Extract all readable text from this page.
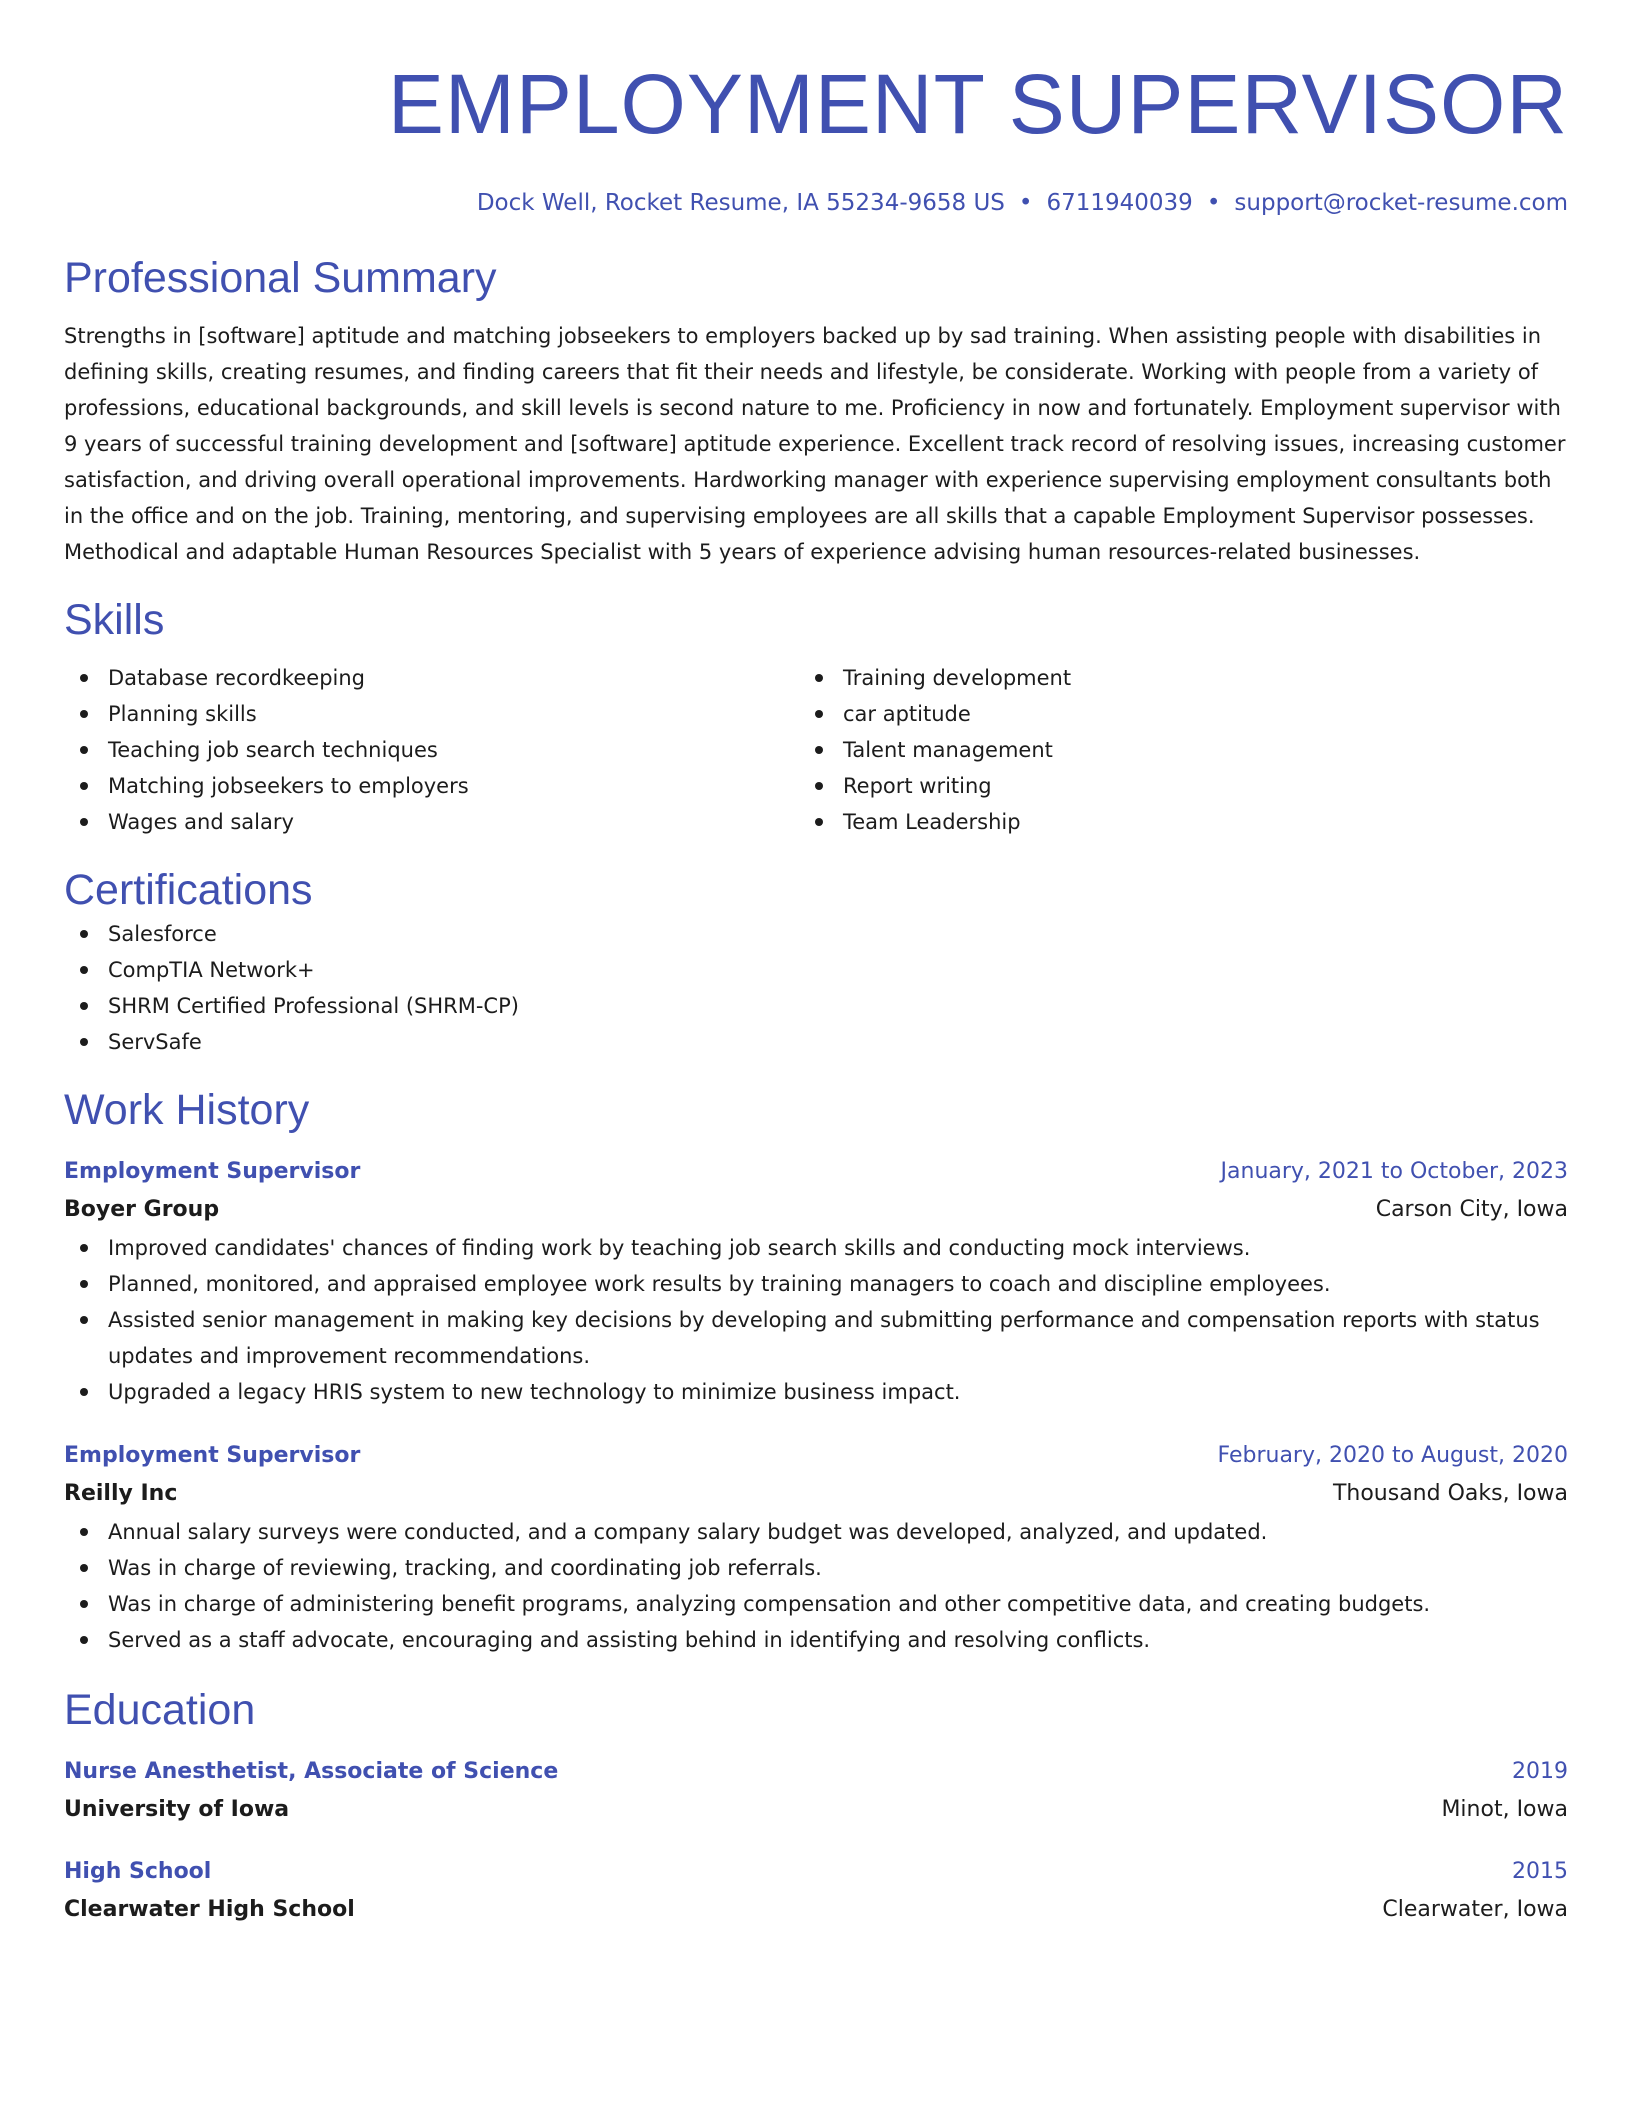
EMPLOYMENT SUPERVISOR
Dock Well, Rocket Resume, IA 55234-9658 US • 6711940039 • support@rocket-resume.com
Professional Summary
Strengths in [software] aptitude and matching jobseekers to employers backed up by sad training. When assisting people with disabilities in defining skills, creating resumes, and finding careers that fit their needs and lifestyle, be considerate. Working with people from a variety of professions, educational backgrounds, and skill levels is second nature to me. Proficiency in now and fortunately. Employment supervisor with 9 years of successful training development and [software] aptitude experience. Excellent track record of resolving issues, increasing customer satisfaction, and driving overall operational improvements. Hardworking manager with experience supervising employment consultants both in the office and on the job. Training, mentoring, and supervising employees are all skills that a capable Employment Supervisor possesses. Methodical and adaptable Human Resources Specialist with 5 years of experience advising human resources-related businesses.
Skills
Database recordkeeping
Planning skills
Teaching job search techniques
Matching jobseekers to employers
Wages and salary
Training development
car aptitude
Talent management
Report writing
Team Leadership
Certifications
Salesforce
CompTIA Network+
SHRM Certified Professional (SHRM-CP)
ServSafe
Work History
Employment Supervisor	January, 2021 to October, 2023
Boyer Group	Carson City, Iowa
Improved candidates' chances of finding work by teaching job search skills and conducting mock interviews.
Planned, monitored, and appraised employee work results by training managers to coach and discipline employees.
Assisted senior management in making key decisions by developing and submitting performance and compensation reports with status updates and improvement recommendations.
Upgraded a legacy HRIS system to new technology to minimize business impact.
Employment Supervisor	February, 2020 to August, 2020
Reilly Inc	Thousand Oaks, Iowa
Annual salary surveys were conducted, and a company salary budget was developed, analyzed, and updated.
Was in charge of reviewing, tracking, and coordinating job referrals.
Was in charge of administering benefit programs, analyzing compensation and other competitive data, and creating budgets.
Served as a staff advocate, encouraging and assisting behind in identifying and resolving conflicts.
Education
Nurse Anesthetist, Associate of Science	2019
University of Iowa	Minot, Iowa
High School	2015
Clearwater High School	Clearwater, Iowa
